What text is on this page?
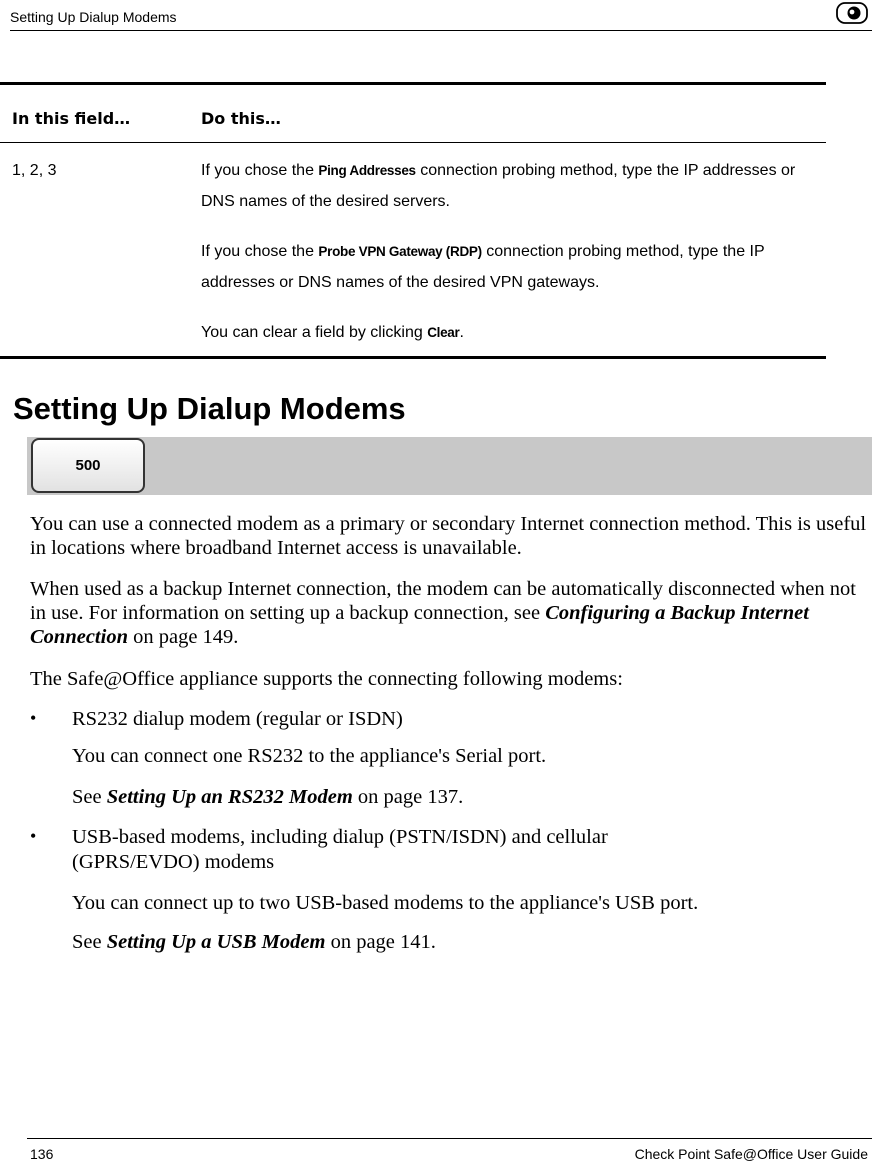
Setting Up Dialup Modems
In this field…	Do this…
1, 2, 3	If you chose the Ping Addresses connection probing method, type the IP addresses or DNS names of the desired servers.
If you chose the Probe VPN Gateway (RDP) connection probing method, type the IP addresses or DNS names of the desired VPN gateways.
You can clear a field by clicking Clear.
Setting Up Dialup Modems
500
You can use a connected modem as a primary or secondary Internet connection method. This is useful in locations where broadband Internet access is unavailable.
When used as a backup Internet connection, the modem can be automatically disconnected when not in use. For information on setting up a backup connection, see Configuring a Backup Internet Connection on page 149.
The Safe@Office appliance supports the connecting following modems:
• RS232 dialup modem (regular or ISDN)
You can connect one RS232 to the appliance's Serial port.
See Setting Up an RS232 Modem on page 137.
• USB-based modems, including dialup (PSTN/ISDN) and cellular
(GPRS/EVDO) modems
You can connect up to two USB-based modems to the appliance's USB port.
See Setting Up a USB Modem on page 141.
136	Check Point Safe@Office User Guide
